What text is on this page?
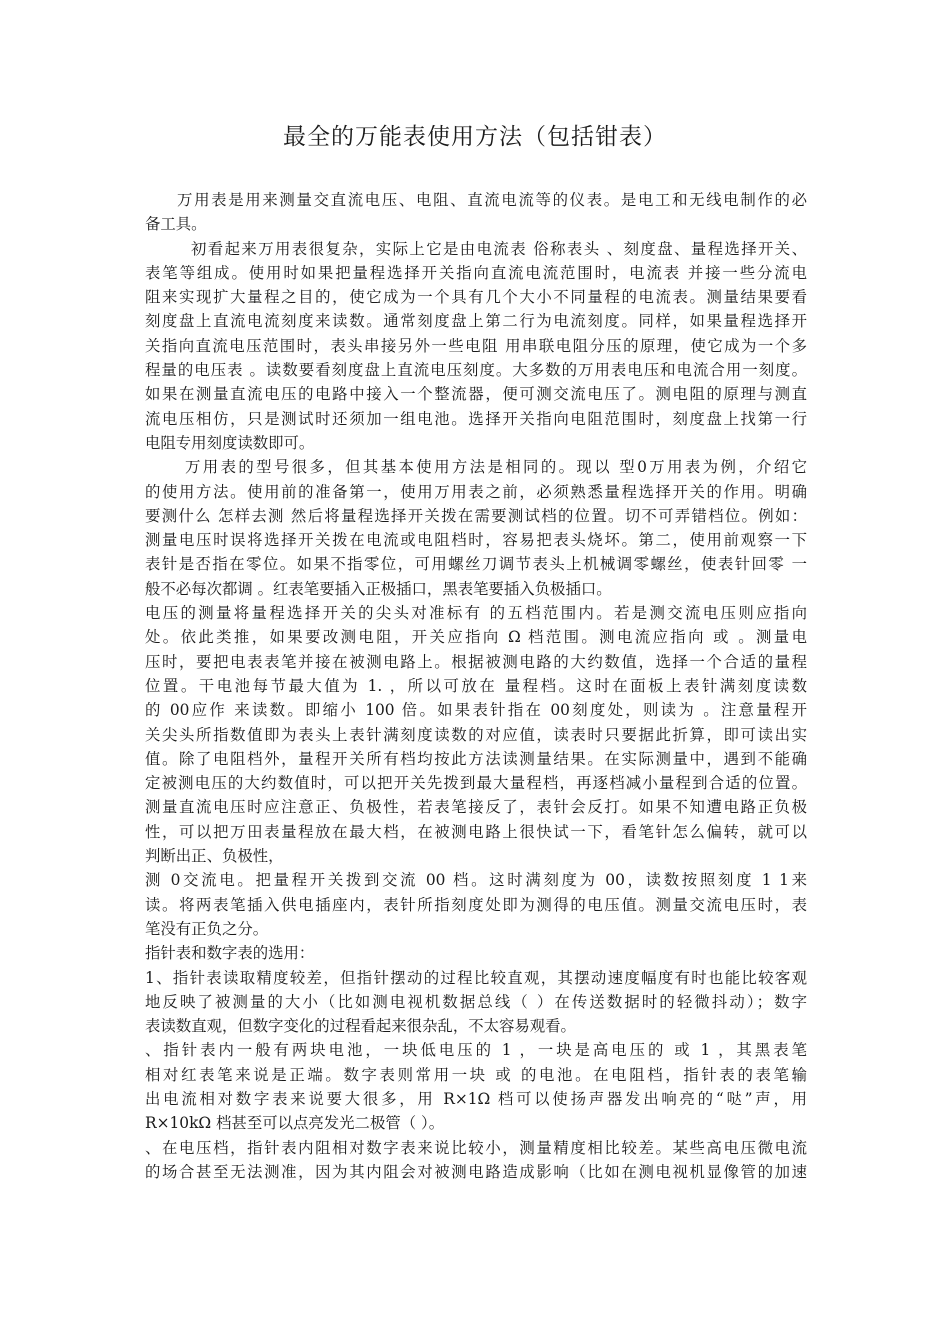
最全的万能表使用方法（包括钳表）
万用表是用来测量交直流电压、电阻、直流电流等的仪表。是电工和无线电制作的必
备工具。
初看起来万用表很复杂，实际上它是由电流表 俗称表头 、刻度盘、量程选择开关、
表笔等组成。使用时如果把量程选择开关指向直流电流范围时，电流表 并接一些分流电
阻来实现扩大量程之目的，使它成为一个具有几个大小不同量程的电流表。测量结果要看
刻度盘上直流电流刻度来读数。通常刻度盘上第二行为电流刻度。同样，如果量程选择开
关指向直流电压范围时，表头串接另外一些电阻 用串联电阻分压的原理，使它成为一个多
程量的电压表 。读数要看刻度盘上直流电压刻度。大多数的万用表电压和电流合用一刻度。
如果在测量直流电压的电路中接入一个整流器，便可测交流电压了。测电阻的原理与测直
流电压相仿，只是测试时还须加一组电池。选择开关指向电阻范围时，刻度盘上找第一行
电阻专用刻度读数即可。
万用表的型号很多，但其基本使用方法是相同的。现以 型0万用表为例，介绍它
的使用方法。使用前的准备第一，使用万用表之前，必须熟悉量程选择开关的作用。明确
要测什么 怎样去测 然后将量程选择开关拨在需要测试档的位置。切不可弄错档位。例如：
测量电压时误将选择开关拨在电流或电阻档时，容易把表头烧坏。第二，使用前观察一下
表针是否指在零位。如果不指零位，可用螺丝刀调节表头上机械调零螺丝，使表针回零 一
般不必每次都调 。红表笔要插入正极插口，黑表笔要插入负极插口。
电压的测量将量程选择开关的尖头对准标有 的五档范围内。若是测交流电压则应指向
处。依此类推，如果要改测电阻，开关应指向 Ω 档范围。测电流应指向 或 。测量电
压时，要把电表表笔并接在被测电路上。根据被测电路的大约数值，选择一个合适的量程
位置。干电池每节最大值为 1. ，所以可放在 量程档。这时在面板上表针满刻度读数
的 00应作 来读数。即缩小 100 倍。如果表针指在 00刻度处，则读为 。注意量程开
关尖头所指数值即为表头上表针满刻度读数的对应值，读表时只要据此折算，即可读出实
值。除了电阻档外，量程开关所有档均按此方法读测量结果。在实际测量中，遇到不能确
定被测电压的大约数值时，可以把开关先拨到最大量程档，再逐档减小量程到合适的位置。
测量直流电压时应注意正、负极性，若表笔接反了，表针会反打。如果不知遭电路正负极
性，可以把万田表量程放在最大档，在被测电路上很快试一下，看笔针怎么偏转，就可以
判断出正、负极性，
测 0交流电。把量程开关拨到交流 00 档。这时满刻度为 00，读数按照刻度 1 1来
读。将两表笔插入供电插座内，表针所指刻度处即为测得的电压值。测量交流电压时，表
笔没有正负之分。
指针表和数字表的选用：
1、指针表读取精度较差，但指针摆动的过程比较直观，其摆动速度幅度有时也能比较客观
地反映了被测量的大小（比如测电视机数据总线（ ）在传送数据时的轻微抖动）；数字
表读数直观，但数字变化的过程看起来很杂乱，不太容易观看。
、指针表内一般有两块电池，一块低电压的 1 ，一块是高电压的 或 1 ，其黑表笔
相对红表笔来说是正端。数字表则常用一块 或 的电池。在电阻档，指针表的表笔输
出电流相对数字表来说要大很多，用 R×1Ω 档可以使扬声器发出响亮的“哒”声，用
R×10kΩ 档甚至可以点亮发光二极管（ ）。
、在电压档，指针表内阻相对数字表来说比较小，测量精度相比较差。某些高电压微电流
的场合甚至无法测准，因为其内阻会对被测电路造成影响（比如在测电视机显像管的加速
